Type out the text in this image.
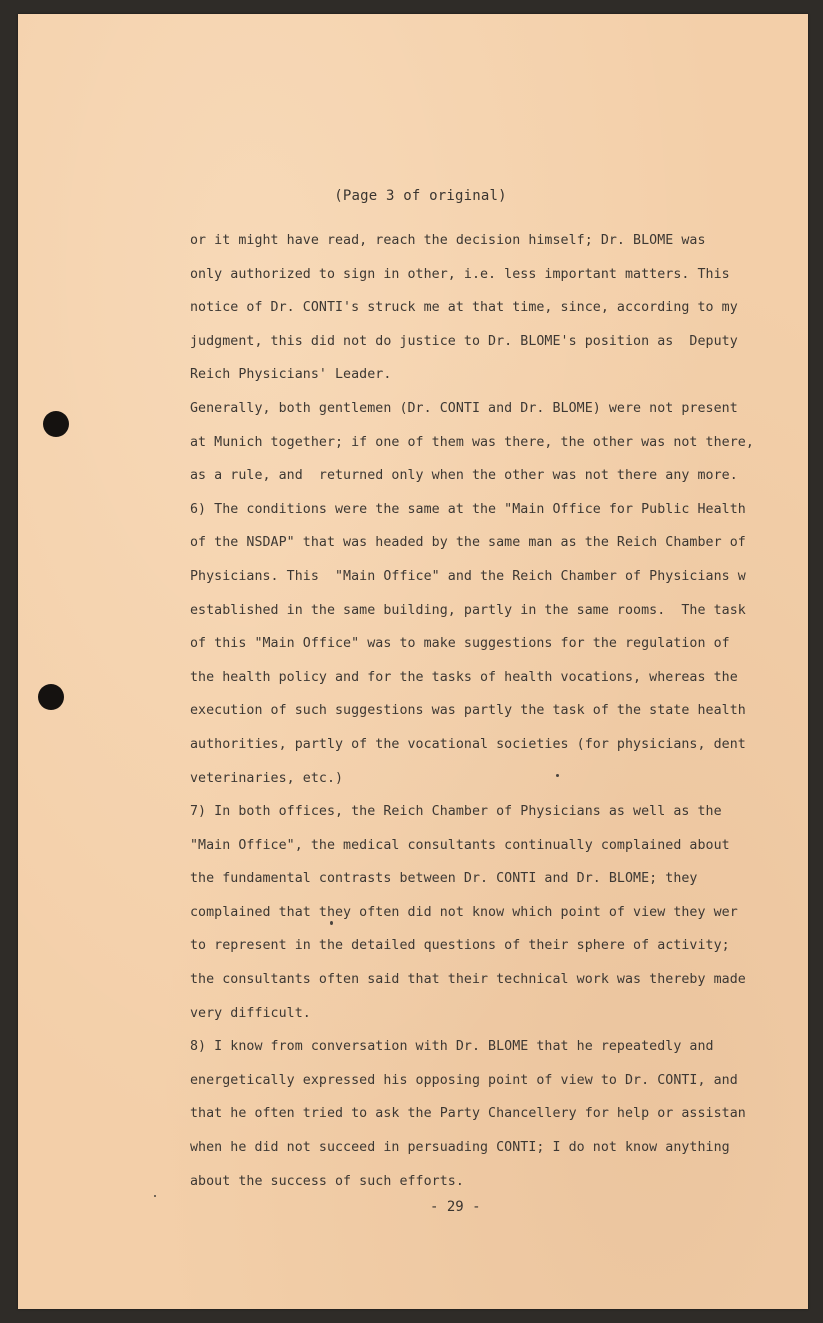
(Page 3 of original)
or it might have read, reach the decision himself; Dr. BLOME was
only authorized to sign in other, i.e. less important matters. This
notice of Dr. CONTI's struck me at that time, since, according to my
judgment, this did not do justice to Dr. BLOME's position as  Deputy
Reich Physicians' Leader.
Generally, both gentlemen (Dr. CONTI and Dr. BLOME) were not present
at Munich together; if one of them was there, the other was not there,
as a rule, and  returned only when the other was not there any more.
6) The conditions were the same at the "Main Office for Public Health
of the NSDAP" that was headed by the same man as the Reich Chamber of
Physicians. This  "Main Office" and the Reich Chamber of Physicians w
established in the same building, partly in the same rooms.  The task
of this "Main Office" was to make suggestions for the regulation of
the health policy and for the tasks of health vocations, whereas the
execution of such suggestions was partly the task of the state health
authorities, partly of the vocational societies (for physicians, dent
veterinaries, etc.)
7) In both offices, the Reich Chamber of Physicians as well as the
"Main Office", the medical consultants continually complained about
the fundamental contrasts between Dr. CONTI and Dr. BLOME; they
complained that they often did not know which point of view they wer
to represent in the detailed questions of their sphere of activity;
the consultants often said that their technical work was thereby made
very difficult.
8) I know from conversation with Dr. BLOME that he repeatedly and
energetically expressed his opposing point of view to Dr. CONTI, and
that he often tried to ask the Party Chancellery for help or assistan
when he did not succeed in persuading CONTI; I do not know anything
about the success of such efforts.
- 29 -
